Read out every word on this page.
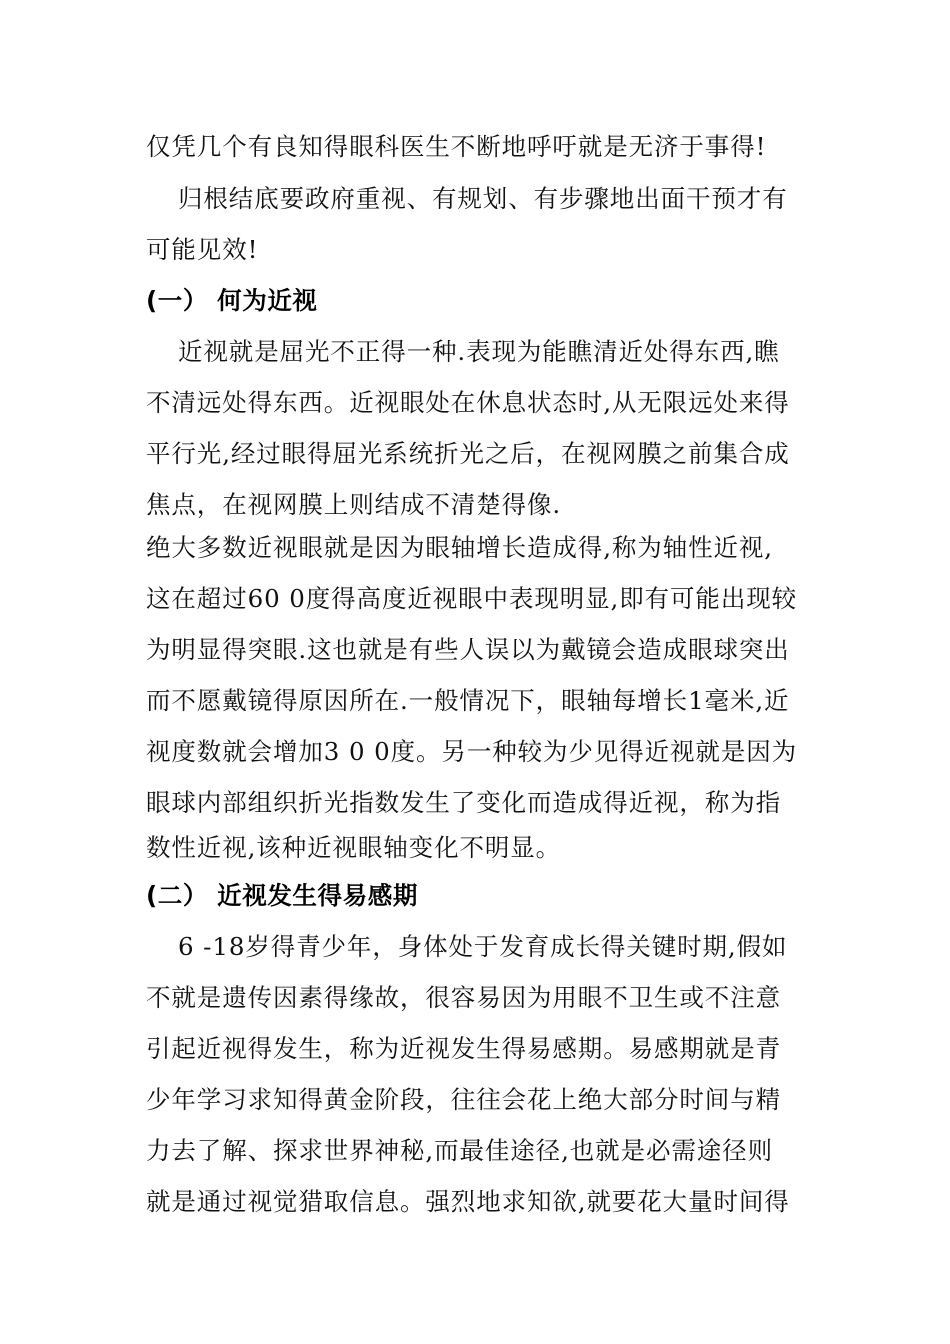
仅凭几个有良知得眼科医生不断地呼吁就是无济于事得!
归根结底要政府重视、有规划、有步骤地出面干预才有
可能见效!
(一） 何为近视
近视就是屈光不正得一种.表现为能瞧清近处得东西,瞧
不清远处得东西。近视眼处在休息状态时,从无限远处来得
平行光,经过眼得屈光系统折光之后，在视网膜之前集合成
焦点，在视网膜上则结成不清楚得像.
绝大多数近视眼就是因为眼轴增长造成得,称为轴性近视,
这在超过60 0度得高度近视眼中表现明显,即有可能出现较
为明显得突眼.这也就是有些人误以为戴镜会造成眼球突出
而不愿戴镜得原因所在.一般情况下，眼轴每增长1毫米,近
视度数就会增加3 0 0度。另一种较为少见得近视就是因为
眼球内部组织折光指数发生了变化而造成得近视，称为指
数性近视,该种近视眼轴变化不明显。
(二） 近视发生得易感期
6 -18岁得青少年，身体处于发育成长得关键时期,假如
不就是遗传因素得缘故，很容易因为用眼不卫生或不注意
引起近视得发生，称为近视发生得易感期。易感期就是青
少年学习求知得黄金阶段，往往会花上绝大部分时间与精
力去了解、探求世界神秘,而最佳途径,也就是必需途径则
就是通过视觉猎取信息。强烈地求知欲,就要花大量时间得
